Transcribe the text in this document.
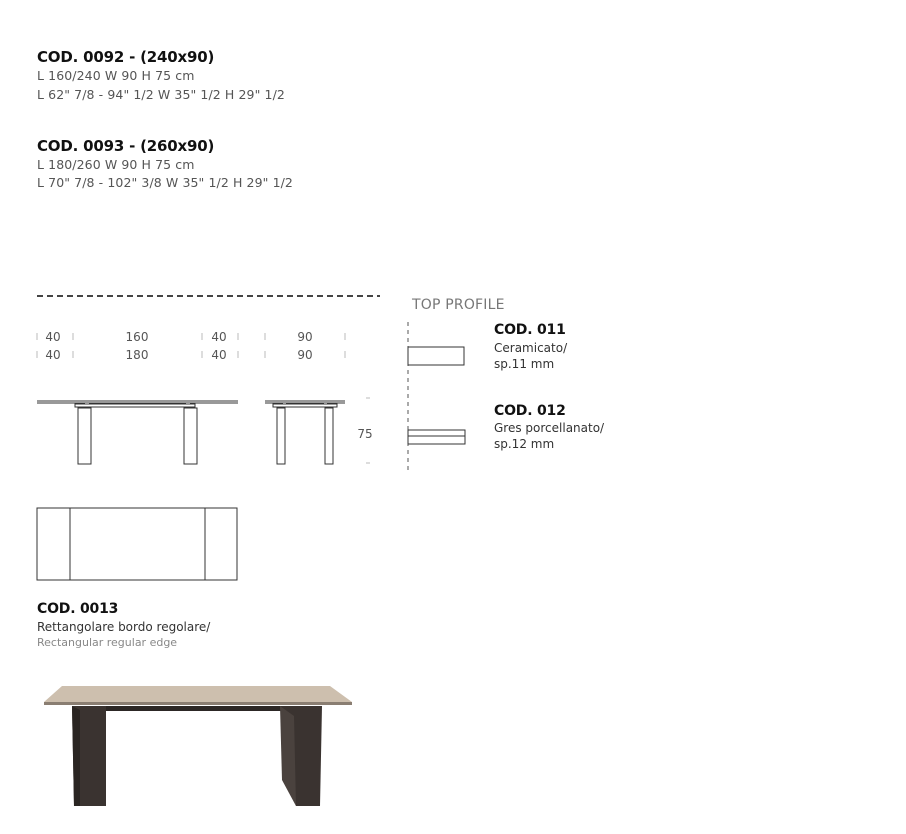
COD. 0092 - (240x90)
L 160/240 W 90 H 75 cm
L 62" 7/8 - 94" 1/2 W 35" 1/2 H 29" 1/2
COD. 0093 - (260x90)
L 180/260 W 90 H 75 cm
L 70" 7/8 - 102" 3/8 W 35" 1/2 H 29" 1/2
40	160	40	90
40	180	40	90
75
TOP PROFILE
COD. 011
Ceramicato/
sp.11 mm
COD. 012
Gres porcellanato/
sp.12 mm
COD. 0013
Rettangolare bordo regolare/
Rectangular regular edge
